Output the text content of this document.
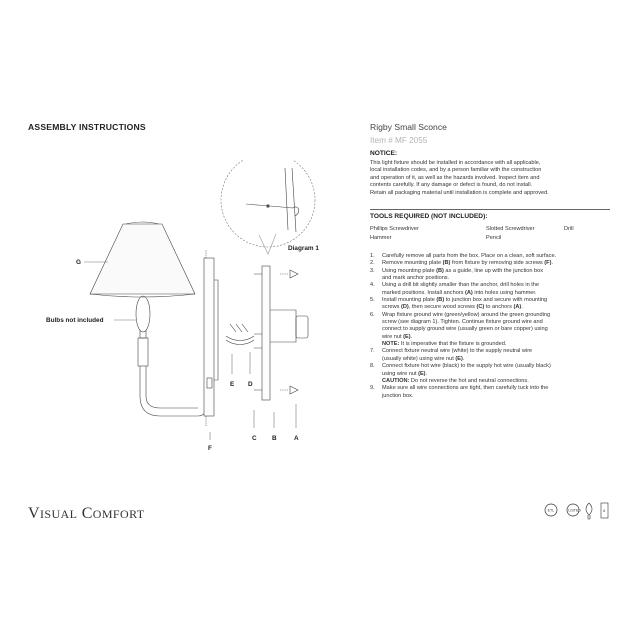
ASSEMBLY INSTRUCTIONS	Rigby Small Sconce
Item # MF 2055
NOTICE:
This light fixture should be installed in accordance with all applicable,
local installation codes, and by a person familiar with the construction
and operation of it, as well as the hazards involved. Inspect item and
contents carefully. If any damage or defect is found, do not install.
Retain all packaging material until installation is complete and approved.
TOOLS REQUIRED (NOT INCLUDED):
Phillips Screwdriver	Slotted Screwdriver	Drill
Hammer	Pencil
1.	Carefully remove all parts from the box. Place on a clean, soft surface.
2.	Remove mounting plate (B) from fixture by removing side screws (F).
3.	Using mounting plate (B) as a guide, line up with the junction box
and mark anchor positions.
4.	Using a drill bit slightly smaller than the anchor, drill holes in the
marked positions. Install anchors (A) into holes using hammer.
5.	Install mounting plate (B) to junction box and secure with mounting
screws (D), then secure wood screws (C) to anchors (A).
6.	Wrap fixture ground wire (green/yellow) around the green grounding
screw (see diagram 1). Tighten. Continue fixture ground wire and
connect to supply ground wire (usually green or bare copper) using
wire nut (E).
NOTE: It is imperative that the fixture is grounded.
7.	Connect fixture neutral wire (white) to the supply neutral wire
(usually white) using wire nut (E).
8.	Connect fixture hot wire (black) to the supply hot wire (usually black)
using wire nut (E).
CAUTION: Do not reverse the hot and neutral connections.
9.	Make sure all wire connections are tight, then carefully tuck into the
junction box.
G
Bulbs not included
Diagram 1
E D
F
C B	A
VISUAL COMFORT	ETL	LISTED	6
